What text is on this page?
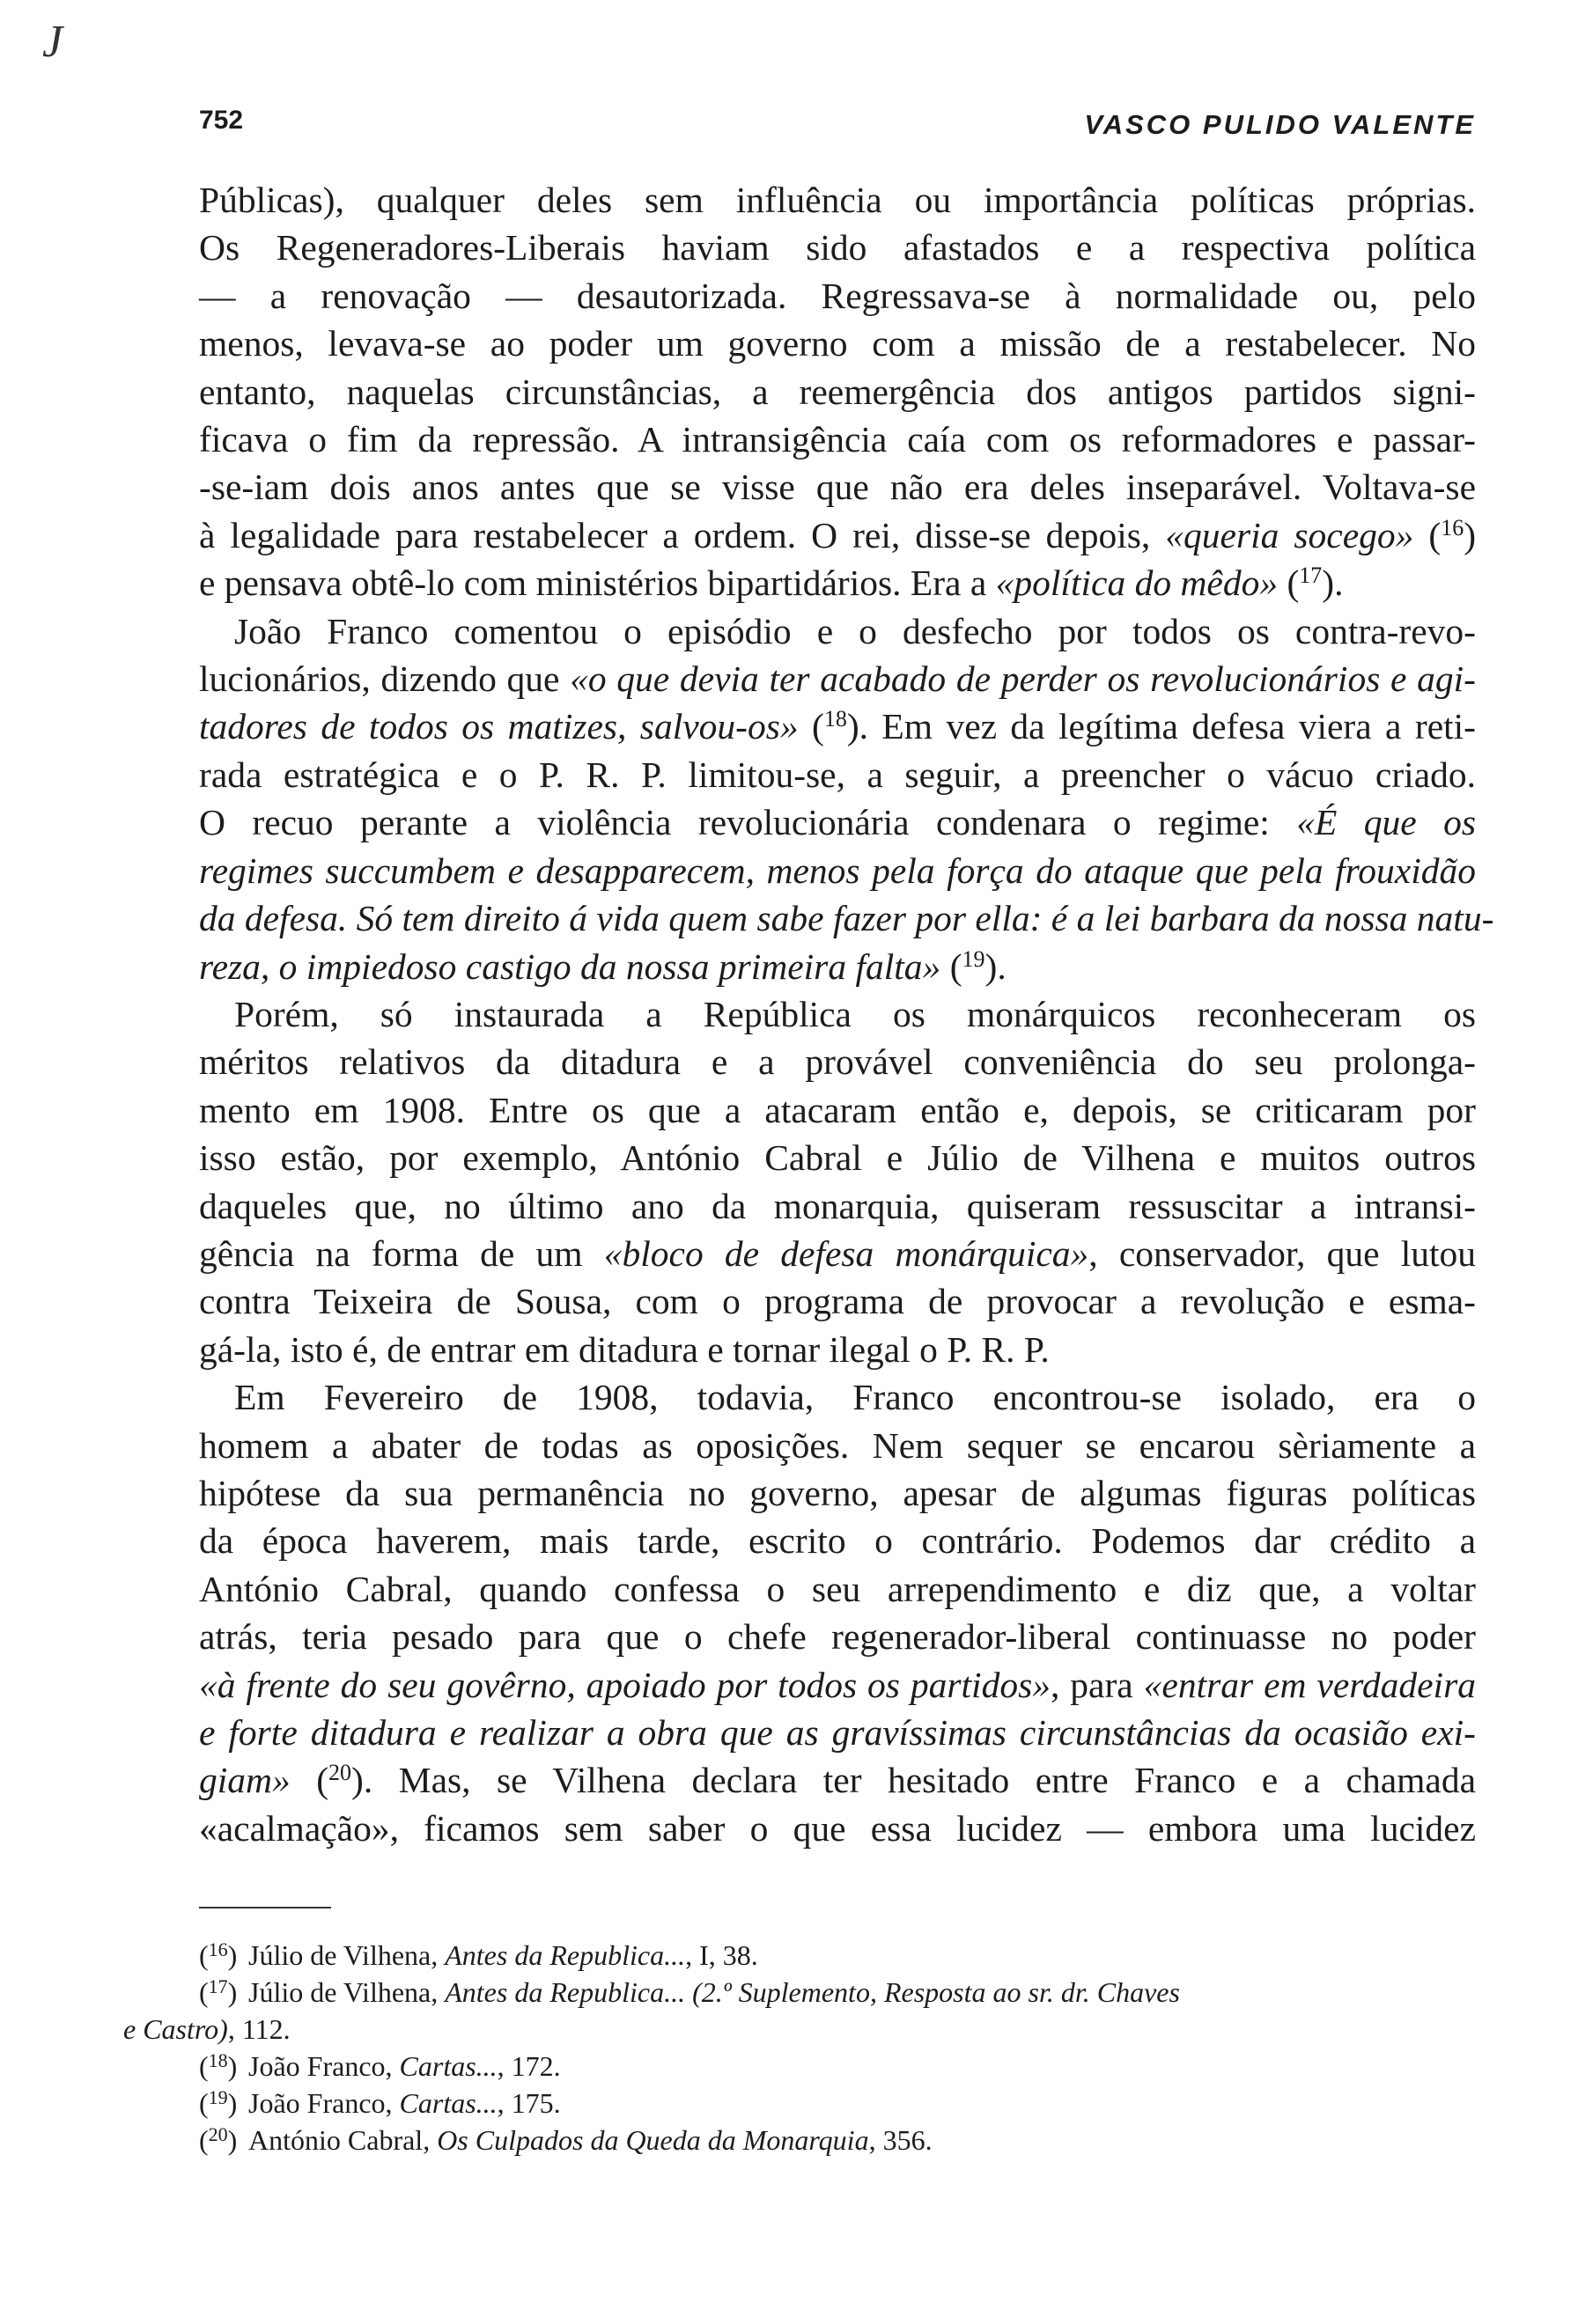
J
752	VASCO PULIDO VALENTE
Públicas), qualquer deles sem influência ou importância políticas próprias.
Os Regeneradores-Liberais haviam sido afastados e a respectiva política
— a renovação — desautorizada. Regressava-se à normalidade ou, pelo
menos, levava-se ao poder um governo com a missão de a restabelecer. No
entanto, naquelas circunstâncias, a reemergência dos antigos partidos signi-
ficava o fim da repressão. A intransigência caía com os reformadores e passar-
-se-iam dois anos antes que se visse que não era deles inseparável. Voltava-se
à legalidade para restabelecer a ordem. O rei, disse-se depois, «queria socego» ($^{16}$)
e pensava obtê-lo com ministérios bipartidários. Era a «política do mêdo» ($^{17}$).
João Franco comentou o episódio e o desfecho por todos os contra-revo-
lucionários, dizendo que «o que devia ter acabado de perder os revolucionários e agi-
tadores de todos os matizes, salvou-os» ($^{18}$). Em vez da legítima defesa viera a reti-
rada estratégica e o P. R. P. limitou-se, a seguir, a preencher o vácuo criado.
O recuo perante a violência revolucionária condenara o regime: «É que os
regimes succumbem e desapparecem, menos pela força do ataque que pela frouxidão
da defesa. Só tem direito á vida quem sabe fazer por ella: é a lei barbara da nossa natu-
reza, o impiedoso castigo da nossa primeira falta» ($^{19}$).
Porém, só instaurada a República os monárquicos reconheceram os
méritos relativos da ditadura e a provável conveniência do seu prolonga-
mento em 1908. Entre os que a atacaram então e, depois, se criticaram por
isso estão, por exemplo, António Cabral e Júlio de Vilhena e muitos outros
daqueles que, no último ano da monarquia, quiseram ressuscitar a intransi-
gência na forma de um «bloco de defesa monárquica», conservador, que lutou
contra Teixeira de Sousa, com o programa de provocar a revolução e esma-
gá-la, isto é, de entrar em ditadura e tornar ilegal o P. R. P.
Em Fevereiro de 1908, todavia, Franco encontrou-se isolado, era o
homem a abater de todas as oposições. Nem sequer se encarou sèriamente a
hipótese da sua permanência no governo, apesar de algumas figuras políticas
da época haverem, mais tarde, escrito o contrário. Podemos dar crédito a
António Cabral, quando confessa o seu arrependimento e diz que, a voltar
atrás, teria pesado para que o chefe regenerador-liberal continuasse no poder
«à frente do seu govêrno, apoiado por todos os partidos», para «entrar em verdadeira
e forte ditadura e realizar a obra que as gravíssimas circunstâncias da ocasião exi-
giam» ($^{20}$). Mas, se Vilhena declara ter hesitado entre Franco e a chamada
«acalmação», ficamos sem saber o que essa lucidez — embora uma lucidez
($^{16}$) Júlio de Vilhena, Antes da Republica..., I, 38.
($^{17}$) Júlio de Vilhena, Antes da Republica... (2.º Suplemento, Resposta ao sr. dr. Chaves
e Castro), 112.
($^{18}$) João Franco, Cartas..., 172.
($^{19}$) João Franco, Cartas..., 175.
($^{20}$) António Cabral, Os Culpados da Queda da Monarquia, 356.
